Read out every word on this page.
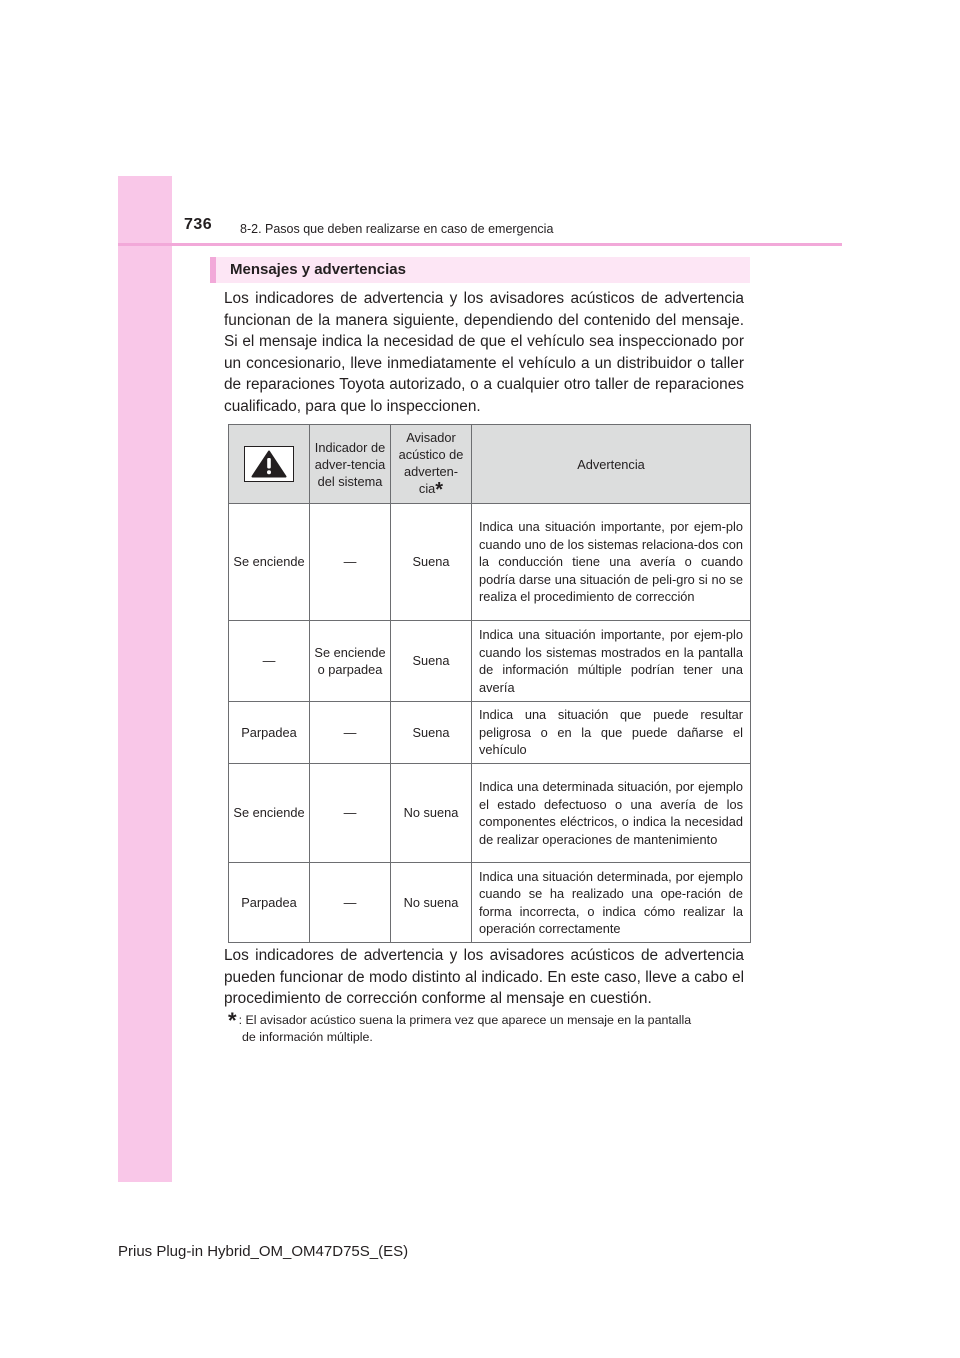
736 8-2. Pasos que deben realizarse en caso de emergencia
Mensajes y advertencias

Los indicadores de advertencia y los avisadores acústicos de advertencia funcionan de la manera siguiente, dependiendo del contenido del mensaje. Si el mensaje indica la necesidad de que el vehículo sea inspeccionado por un concesionario, lleve inmediatamente el vehículo a un distribuidor o taller de reparaciones Toyota autorizado, o a cualquier otro taller de reparaciones cualificado, para que lo inspeccionen.

	Indicador de adver-tencia del sistema	Avisador acústico de adverten-cia*	Advertencia
Se enciende	—	Suena	Indica una situación importante, por ejem-plo cuando uno de los sistemas relaciona-dos con la conducción tiene una avería o cuando podría darse una situación de peli-gro si no se realiza el procedimiento de corrección
—	Se enciende o parpadea	Suena	Indica una situación importante, por ejem-plo cuando los sistemas mostrados en la pantalla de información múltiple podrían tener una avería
Parpadea	—	Suena	Indica una situación que puede resultar peligrosa o en la que puede dañarse el vehículo
Se enciende	—	No suena	Indica una determinada situación, por ejemplo el estado defectuoso o una avería de los componentes eléctricos, o indica la necesidad de realizar operaciones de mantenimiento
Parpadea	—	No suena	Indica una situación determinada, por ejemplo cuando se ha realizado una ope-ración de forma incorrecta, o indica cómo realizar la operación correctamente

Los indicadores de advertencia y los avisadores acústicos de advertencia pueden funcionar de modo distinto al indicado. En este caso, lleve a cabo el procedimiento de corrección conforme al mensaje en cuestión.

* : El avisador acústico suena la primera vez que aparece un mensaje en la pantalla
de información múltiple.
Prius Plug-in Hybrid_OM_OM47D75S_(ES)
